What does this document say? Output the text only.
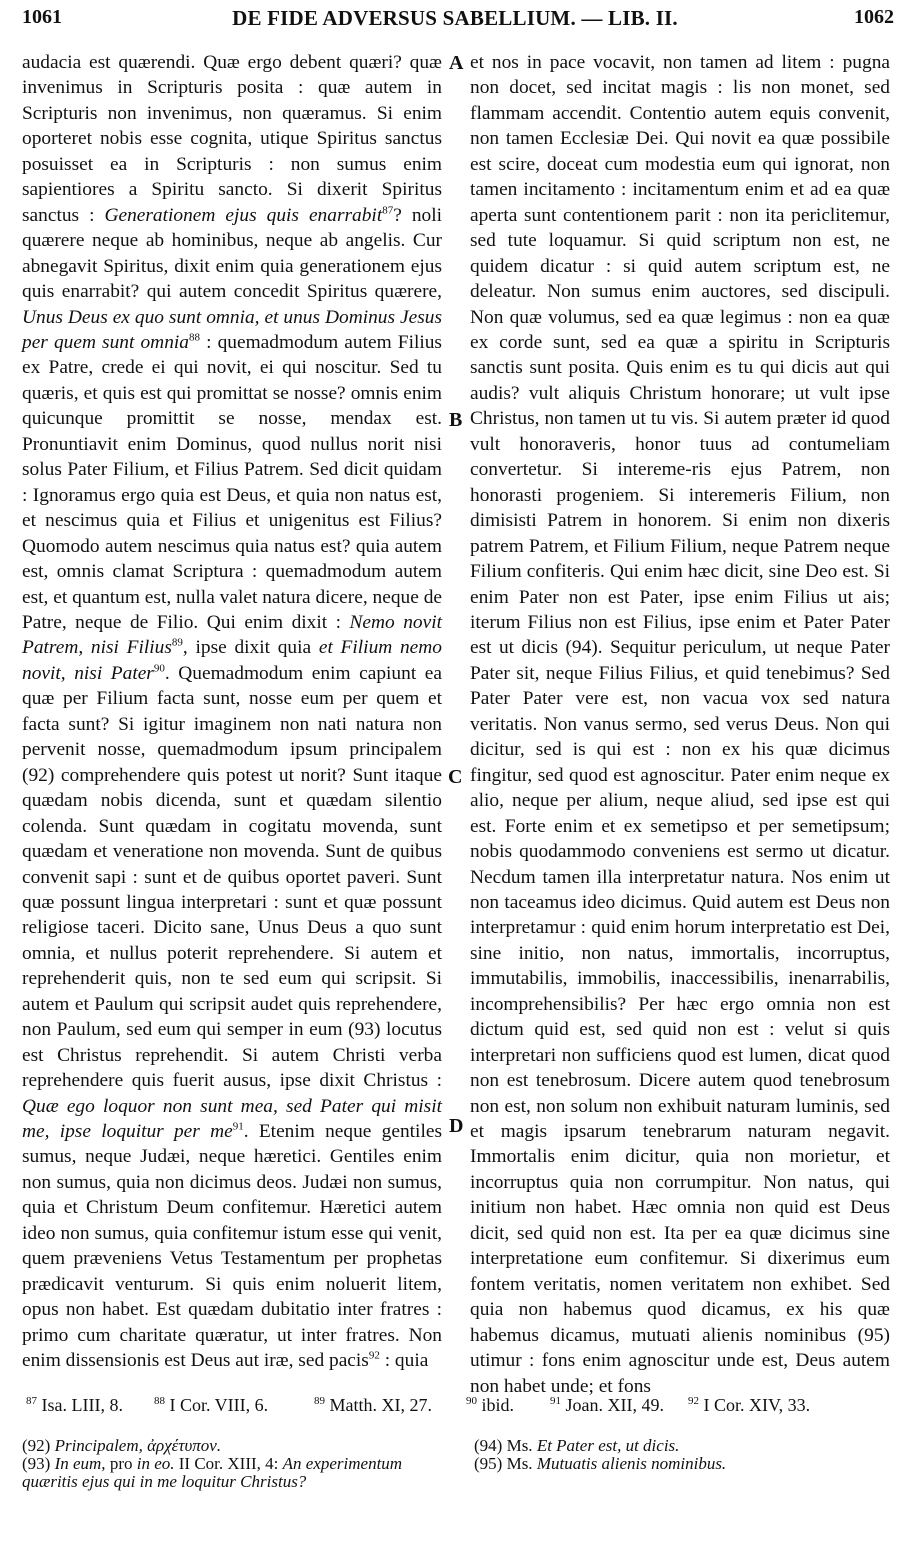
1061	DE FIDE ADVERSUS SABELLIUM. — LIB. II.	1062

audacia est quærendi. Quæ ergo debent quæri? quæ invenimus in Scripturis posita : quæ autem in Scripturis non invenimus, non quæramus. Si enim oporteret nobis esse cognita, utique Spiritus sanctus posuisset ea in Scripturis : non sumus enim sapientiores a Spiritu sancto. Si dixerit Spiritus sanctus : Generationem ejus quis enarrabit$^{87}$? noli quærere neque ab hominibus, neque ab angelis. Cur abnegavit Spiritus, dixit enim quia generationem ejus quis enarrabit? qui autem concedit Spiritus quærere, Unus Deus ex quo sunt omnia, et unus Dominus Jesus per quem sunt omnia$^{88}$ : quemadmodum autem Filius ex Patre, crede ei qui novit, ei qui noscitur. Sed tu quæris, et quis est qui promittat se nosse? omnis enim quicunque promittit se nosse, mendax est. Pronuntiavit enim Dominus, quod nullus norit nisi solus Pater Filium, et Filius Patrem. Sed dicit quidam : Ignoramus ergo quia est Deus, et quia non natus est, et nescimus quia et Filius et unigenitus est Filius? Quomodo autem nescimus quia natus est? quia autem est, omnis clamat Scriptura : quemadmodum autem est, et quantum est, nulla valet natura dicere, neque de Patre, neque de Filio. Qui enim dixit : Nemo novit Patrem, nisi Filius$^{89}$, ipse dixit quia et Filium nemo novit, nisi Pater$^{90}$. Quemadmodum enim capiunt ea quæ per Filium facta sunt, nosse eum per quem et facta sunt? Si igitur imaginem non nati natura non pervenit nosse, quemadmodum ipsum principalem (92) comprehendere quis potest ut norit? Sunt itaque quædam nobis dicenda, sunt et quædam silentio colenda. Sunt quædam in cogitatu movenda, sunt quædam et veneratione non movenda. Sunt de quibus convenit sapi : sunt et de quibus oportet paveri. Sunt quæ possunt lingua interpretari : sunt et quæ possunt religiose taceri. Dicito sane, Unus Deus a quo sunt omnia, et nullus poterit reprehendere. Si autem et reprehenderit quis, non te sed eum qui scripsit. Si autem et Paulum qui scripsit audet quis reprehendere, non Paulum, sed eum qui semper in eum (93) locutus est Christus reprehendit. Si autem Christi verba reprehendere quis fuerit ausus, ipse dixit Christus : Quæ ego loquor non sunt mea, sed Pater qui misit me, ipse loquitur per $me^{91}$. Etenim neque gentiles sumus, neque Judæi, neque hæretici. Gentiles enim non sumus, quia non dicimus deos. Judæi non sumus, quia et Christum Deum confitemur. Hæretici autem ideo non sumus, quia confitemur istum esse qui venit, quem præveniens Vetus Testamentum per prophetas prædicavit venturum. Si quis enim noluerit litem, opus non habet. Est quædam dubitatio inter fratres : primo cum charitate quæratur, ut inter fratres. Non enim dissensionis est Deus aut iræ, sed pacis$^{92}$ : quia

A
B
C
D

et nos in pace vocavit, non tamen ad litem : pugna non docet, sed incitat magis : lis non monet, sed flammam accendit. Contentio autem equis convenit, non tamen Ecclesiæ Dei. Qui novit ea quæ possibile est scire, doceat cum modestia eum qui ignorat, non tamen incitamento : incitamentum enim et ad ea quæ aperta sunt contentionem parit : non ita periclitemur, sed tute loquamur. Si quid scriptum non est, ne quidem dicatur : si quid autem scriptum est, ne deleatur. Non sumus enim auctores, sed discipuli. Non quæ volumus, sed ea quæ legimus : non ea quæ ex corde sunt, sed ea quæ a spiritu in Scripturis sanctis sunt posita. Quis enim es tu qui dicis aut qui audis? vult aliquis Christum honorare; ut vult ipse Christus, non tamen ut tu vis. Si autem præter id quod vult honoraveris, honor tuus ad contumeliam convertetur. Si intereme-ris ejus Patrem, non honorasti progeniem. Si interemeris Filium, non dimisisti Patrem in honorem. Si enim non dixeris patrem Patrem, et Filium Filium, neque Patrem neque Filium confiteris. Qui enim hæc dicit, sine Deo est. Si enim Pater non est Pater, ipse enim Filius ut ais; iterum Filius non est Filius, ipse enim et Pater Pater est ut dicis (94). Sequitur periculum, ut neque Pater Pater sit, neque Filius Filius, et quid tenebimus? Sed Pater Pater vere est, non vacua vox sed natura veritatis. Non vanus sermo, sed verus Deus. Non qui dicitur, sed is qui est : non ex his quæ dicimus fingitur, sed quod est agnoscitur. Pater enim neque ex alio, neque per alium, neque aliud, sed ipse est qui est. Forte enim et ex semetipso et per semetipsum; nobis quodammodo conveniens est sermo ut dicatur. Necdum tamen illa interpretatur natura. Nos enim ut non taceamus ideo dicimus. Quid autem est Deus non interpretamur : quid enim horum interpretatio est Dei, sine initio, non natus, immortalis, incorruptus, immutabilis, immobilis, inaccessibilis, inenarrabilis, incomprehensibilis? Per hæc ergo omnia non est dictum quid est, sed quid non est : velut si quis interpretari non sufficiens quod est lumen, dicat quod non est tenebrosum. Dicere autem quod tenebrosum non est, non solum non exhibuit naturam luminis, sed et magis ipsarum tenebrarum naturam negavit. Immortalis enim dicitur, quia non morietur, et incorruptus quia non corrumpitur. Non natus, qui initium non habet. Hæc omnia non quid est Deus dicit, sed quid non est. Ita per ea quæ dicimus sine interpretatione eum confitemur. Si dixerimus eum fontem veritatis, nomen veritatem non exhibet. Sed quia non habemus quod dicamus, ex his quæ habemus dicamus, mutuati alienis nominibus (95) utimur : fons enim agnoscitur unde est, Deus autem non habet unde; et fons

$^{87}$ Isa. LIII, 8.	$^{88}$ I Cor. VIII, 6.	$^{89}$ Matth. XI, 27.	$^{90}$ ibid.	$^{91}$ Joan. XII, 49. $^{92}$ I Cor. XIV, 33.

(92) Principalem, ἀρχέτυπον.

(93) In eum, pro in eo. II Cor. XIII, 4: An experimentum quæritis ejus qui in me loquitur Christus?

(94) Ms. Et Pater est, ut dicis.

(95) Ms. Mutuatis alienis nominibus.
